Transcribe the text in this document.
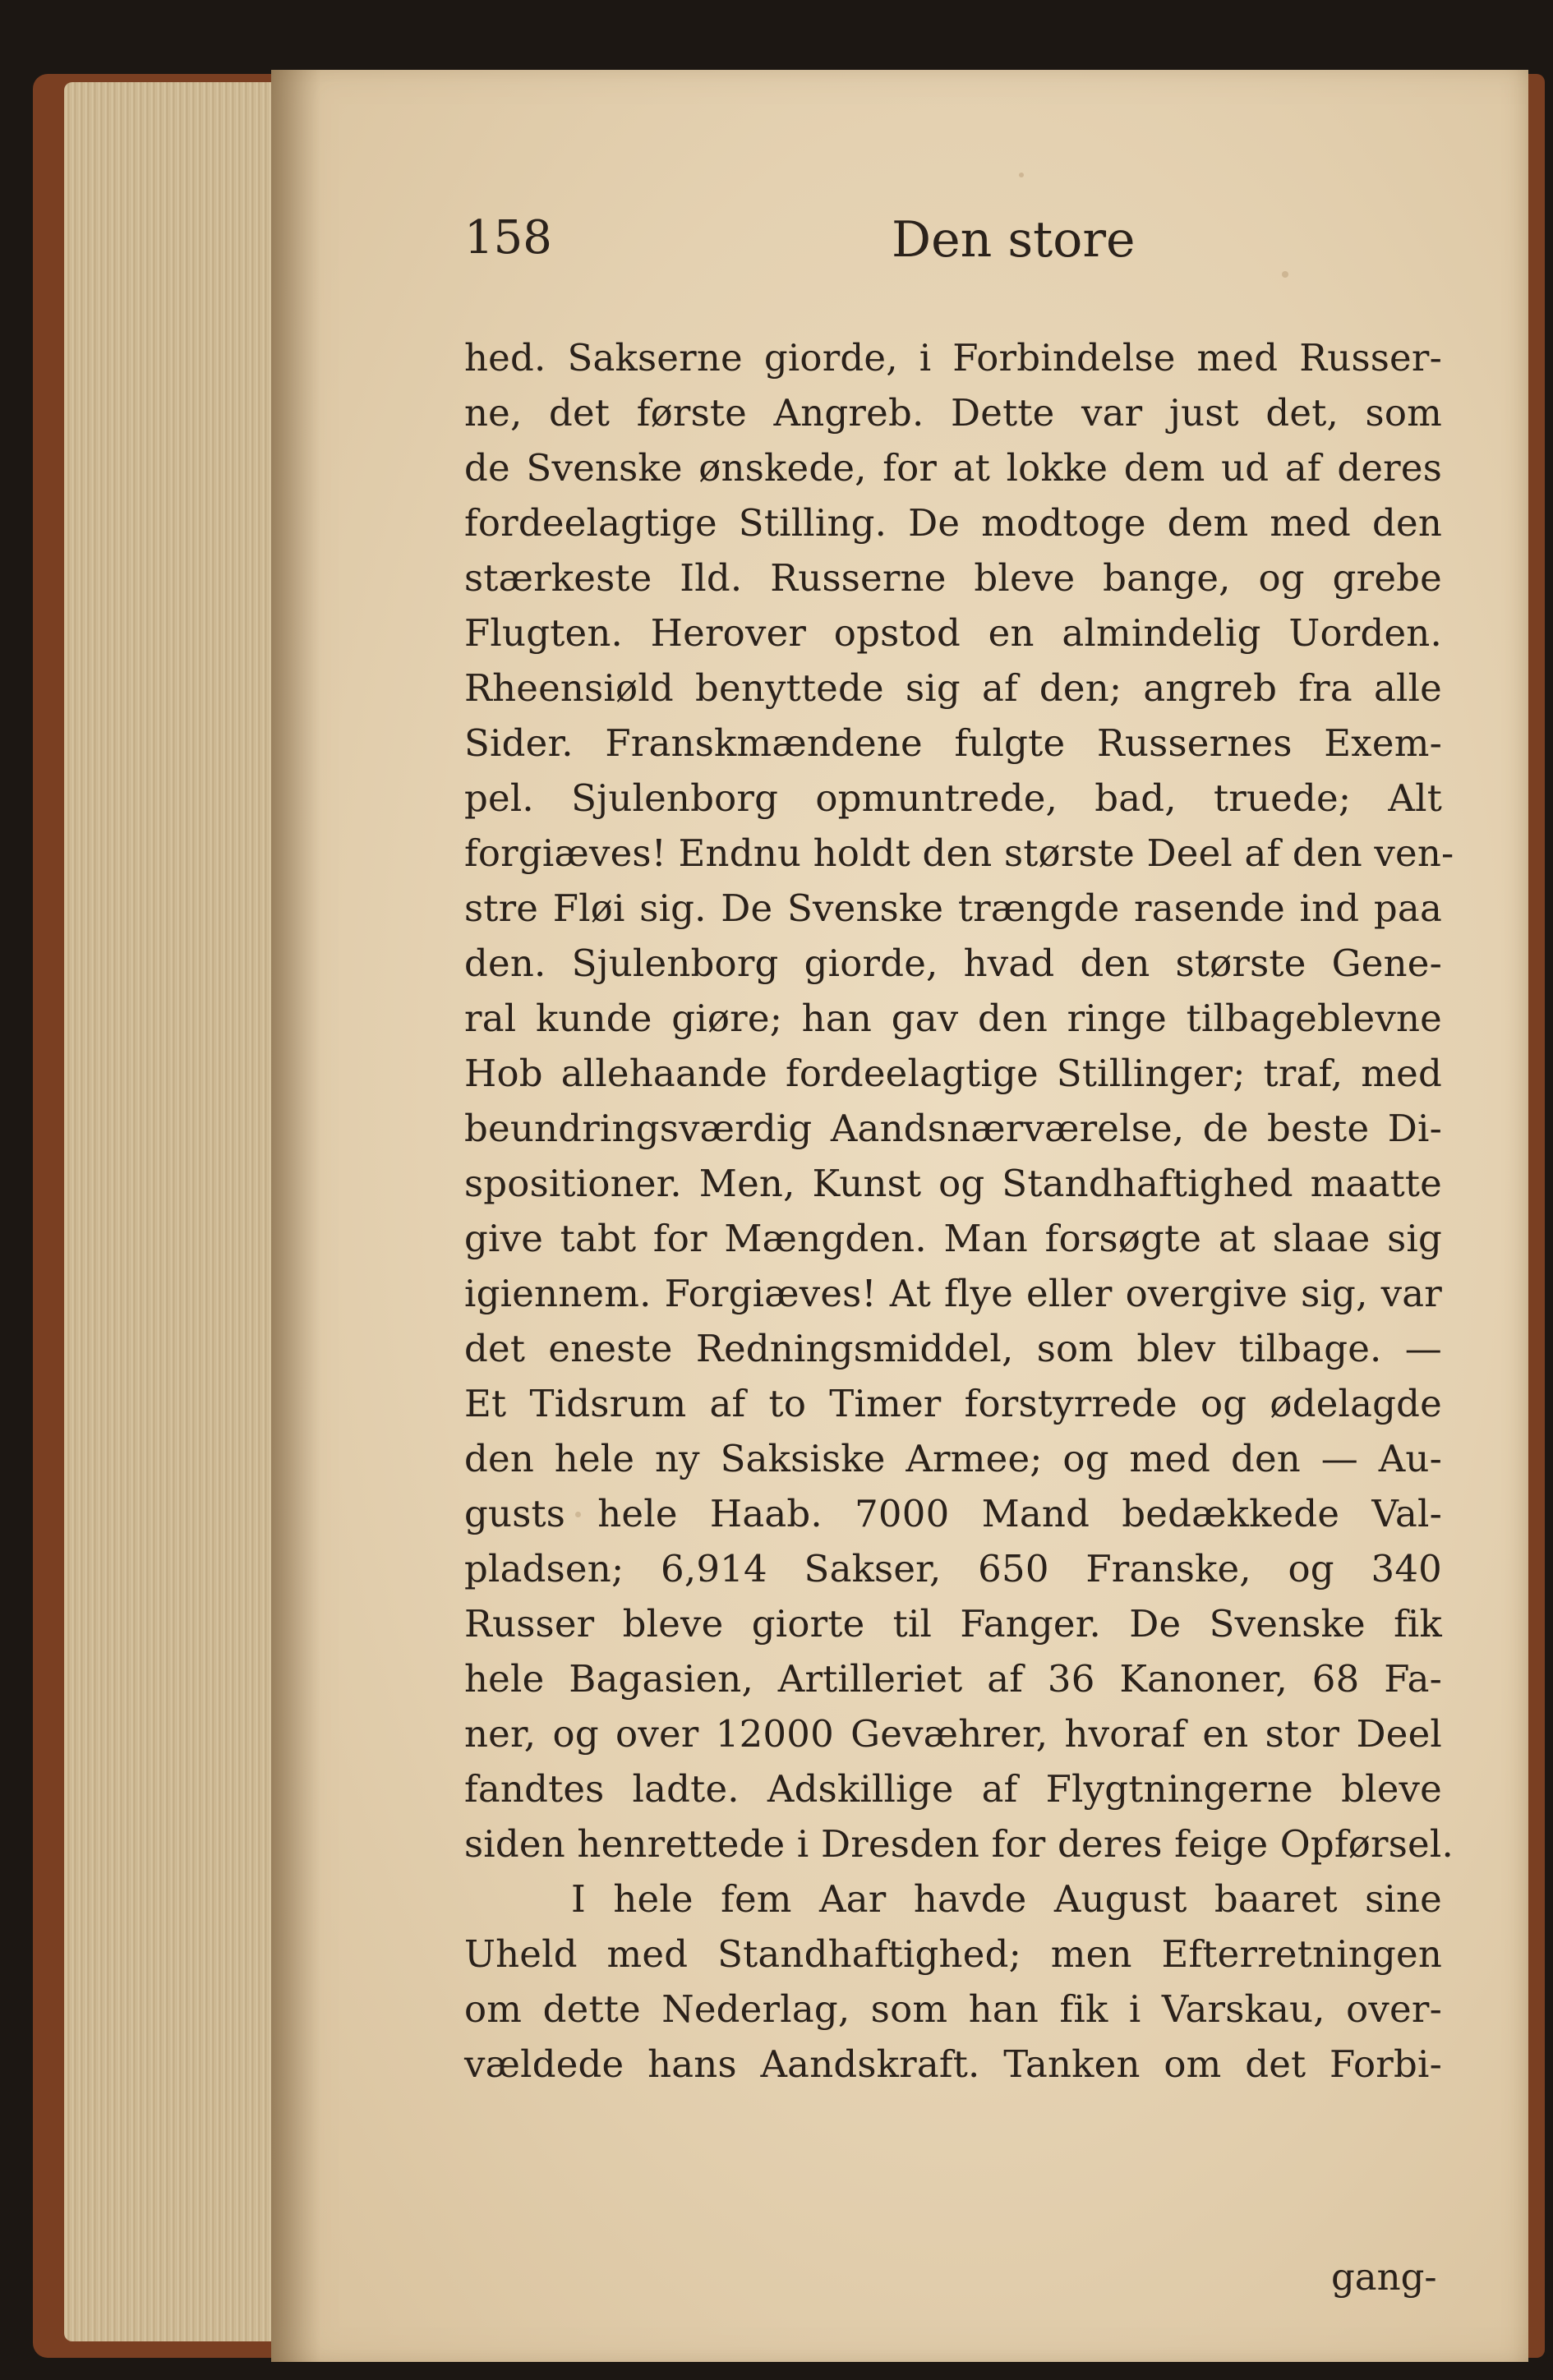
158	Den store
hed. Sakserne giorde, i Forbindelse med Russer-
ne, det første Angreb. Dette var just det, som
de Svenske ønskede, for at lokke dem ud af deres
fordeelagtige Stilling. De modtoge dem med den
stærkeste Ild. Russerne bleve bange, og grebe
Flugten. Herover opstod en almindelig Uorden.
Rheensiøld benyttede sig af den; angreb fra alle
Sider. Franskmændene fulgte Russernes Exem-
pel. Sjulenborg opmuntrede, bad, truede; Alt
forgiæves! Endnu holdt den største Deel af den ven-
stre Fløi sig. De Svenske trængde rasende ind paa
den. Sjulenborg giorde, hvad den største Gene-
ral kunde giøre; han gav den ringe tilbageblevne
Hob allehaande fordeelagtige Stillinger; traf, med
beundringsværdig Aandsnærværelse, de beste Di-
spositioner. Men, Kunst og Standhaftighed maatte
give tabt for Mængden. Man forsøgte at slaae sig
igiennem. Forgiæves! At flye eller overgive sig, var
det eneste Redningsmiddel, som blev tilbage. —
Et Tidsrum af to Timer forstyrrede og ødelagde
den hele ny Saksiske Armee; og med den — Au-
gusts hele Haab. 7000 Mand bedækkede Val-
pladsen; 6,914 Sakser, 650 Franske, og 340
Russer bleve giorte til Fanger. De Svenske fik
hele Bagasien, Artilleriet af 36 Kanoner, 68 Fa-
ner, og over 12000 Gevæhrer, hvoraf en stor Deel
fandtes ladte. Adskillige af Flygtningerne bleve
siden henrettede i Dresden for deres feige Opførsel.
I hele fem Aar havde August baaret sine
Uheld med Standhaftighed; men Efterretningen
om dette Nederlag, som han fik i Varskau, over-
vældede hans Aandskraft. Tanken om det Forbi-
gang-
